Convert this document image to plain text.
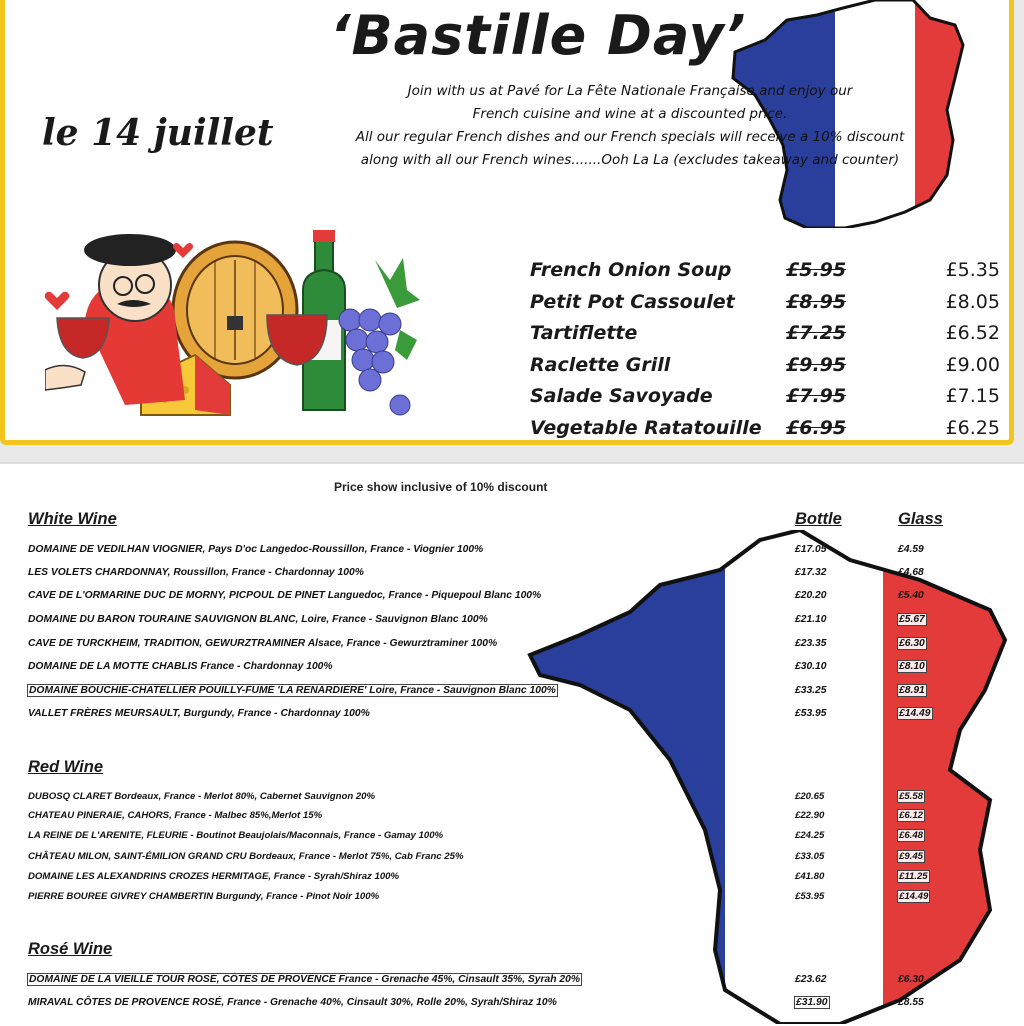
‘Bastille Day’
le 14 juillet
Join with us at Pavé for La Fête Nationale Française and enjoy our
French cuisine and wine at a discounted price.
All our regular French dishes and our French specials will receive a 10% discount
along with all our French wines.......Ooh La La (excludes takeaway and counter)
French Onion Soup	£5.95	£5.35
Petit Pot Cassoulet	£8.95	£8.05
Tartiflette	£7.25	£6.52
Raclette Grill	£9.95	£9.00
Salade Savoyade	£7.95	£7.15
Vegetable Ratatouille £6.95	£6.25
Price show inclusive of 10% discount
White Wine	Bottle	Glass
DOMAINE DE VEDILHAN VIOGNIER, Pays D'oc Langedoc-Roussillon, France - Viognier 100%	£17.05	£4.59
LES VOLETS CHARDONNAY, Roussillon, France - Chardonnay 100%	£17.32	£4.68
CAVE DE L'ORMARINE DUC DE MORNY, PICPOUL DE PINET Languedoc, France - Piquepoul Blanc 100%	£20.20	£5.40
DOMAINE DU BARON TOURAINE SAUVIGNON BLANC, Loire, France - Sauvignon Blanc 100%	£21.10	£5.67
CAVE DE TURCKHEIM, TRADITION, GEWURZTRAMINER Alsace, France - Gewurztraminer 100%	£23.35	£6.30
DOMAINE DE LA MOTTE CHABLIS France - Chardonnay 100%	£30.10	£8.10
DOMAINE BOUCHIÉ-CHATELLIER POUILLY-FUMÉ 'LA RENARDIÈRE' Loire, France - Sauvignon Blanc 100%	£33.25	£8.91
VALLET FRÈRES MEURSAULT, Burgundy, France - Chardonnay 100%	£53.95	£14.49
Red Wine
DUBOSQ CLARET Bordeaux, France - Merlot 80%, Cabernet Sauvignon 20%	£20.65	£5.58
CHATEAU PINERAIE, CAHORS, France - Malbec 85%,Merlot 15%	£22.90	£6.12
LA REINE DE L'ARENITE, FLEURIE - Boutinot Beaujolais/Maconnais, France - Gamay 100%	£24.25	£6.48
CHÂTEAU MILON, SAINT-ÉMILION GRAND CRU Bordeaux, France - Merlot 75%, Cab Franc 25%	£33.05	£9.45
DOMAINE LES ALEXANDRINS CROZES HERMITAGE, France - Syrah/Shiraz 100%	£41.80	£11.25
PIERRE BOUREE GIVREY CHAMBERTIN Burgundy, France - Pinot Noir 100%	£53.95	£14.49
Rosé Wine
DOMAINE DE LA VIEILLE TOUR ROSÉ, CÔTES DE PROVENCE France - Grenache 45%, Cinsault 35%, Syrah 20%	£23.62	£6.30
MIRAVAL CÔTES DE PROVENCE ROSÉ, France - Grenache 40%, Cinsault 30%, Rolle 20%, Syrah/Shiraz 10%	£31.90	£8.55
